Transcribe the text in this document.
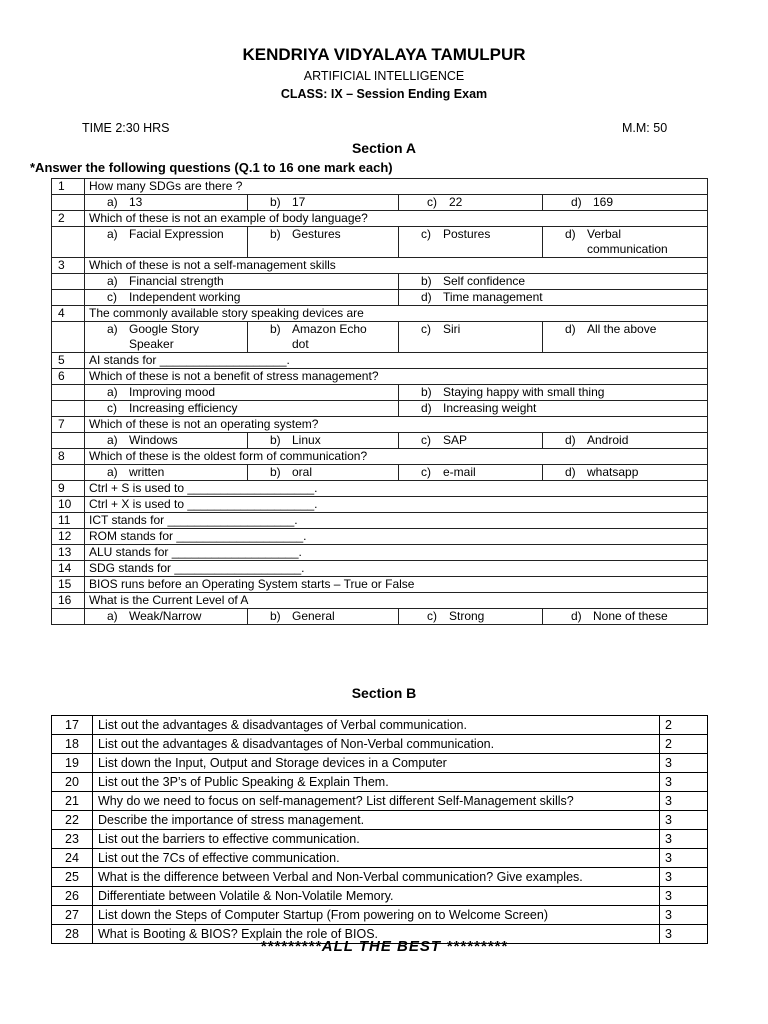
KENDRIYA VIDYALAYA TAMULPUR
ARTIFICIAL INTELLIGENCE
CLASS: IX – Session Ending Exam
TIME 2:30 HRS	M.M: 50
Section A
*Answer the following questions (Q.1 to 16 one mark each)
1	How many SDGs are there ?			
	a) 13	b) 17	c) 22	d) 169
2	Which of these is not an example of body language?			
	a) Facial Expression	b) Gestures	c) Postures	d) Verbal communication

3	Which of these is not a self-management skills			
	a) Financial strength		b) Self confidence	
	c) Independent working		d) Time management	
4	The commonly available story speaking devices are			

	a) Google Story Speaker	b) Amazon Echo dot	c) Siri	d) All the above
5	AI stands for ___________________.			
6	Which of these is not a benefit of stress management?			
	a) Improving mood		b) Staying happy with small thing	
	c) Increasing efficiency		d) Increasing weight	
7	Which of these is not an operating system?			
	a) Windows	b) Linux	c) SAP	d) Android
8	Which of these is the oldest form of communication?			
	a) written	b) oral	c) e-mail	d) whatsapp
9	Ctrl + S is used to ___________________.			
10	Ctrl + X is used to ___________________.			
11	ICT stands for ___________________.			
12	ROM stands for ___________________.			
13	ALU stands for ___________________.			
14	SDG stands for ___________________.			
15	BIOS runs before an Operating System starts – True or False			
16	What is the Current Level of A			
	a) Weak/Narrow	b) General	c) Strong	d) None of these
Section B
17	List out the advantages & disadvantages of Verbal communication.	2
18	List out the advantages & disadvantages of Non-Verbal communication.	2
19	List down the Input, Output and Storage devices in a Computer	3
20	List out the 3P’s of Public Speaking & Explain Them.	3
21	Why do we need to focus on self-management? List different Self-Management skills?	3
22	Describe the importance of stress management.	3
23	List out the barriers to effective communication.	3
24	List out the 7Cs of effective communication.	3
25	What is the difference between Verbal and Non-Verbal communication? Give examples.	3
26	Differentiate between Volatile & Non-Volatile Memory.	3
27	List down the Steps of Computer Startup (From powering on to Welcome Screen)	3
28	What is Booting & BIOS? Explain the role of BIOS.	3
*********ALL THE BEST *********
